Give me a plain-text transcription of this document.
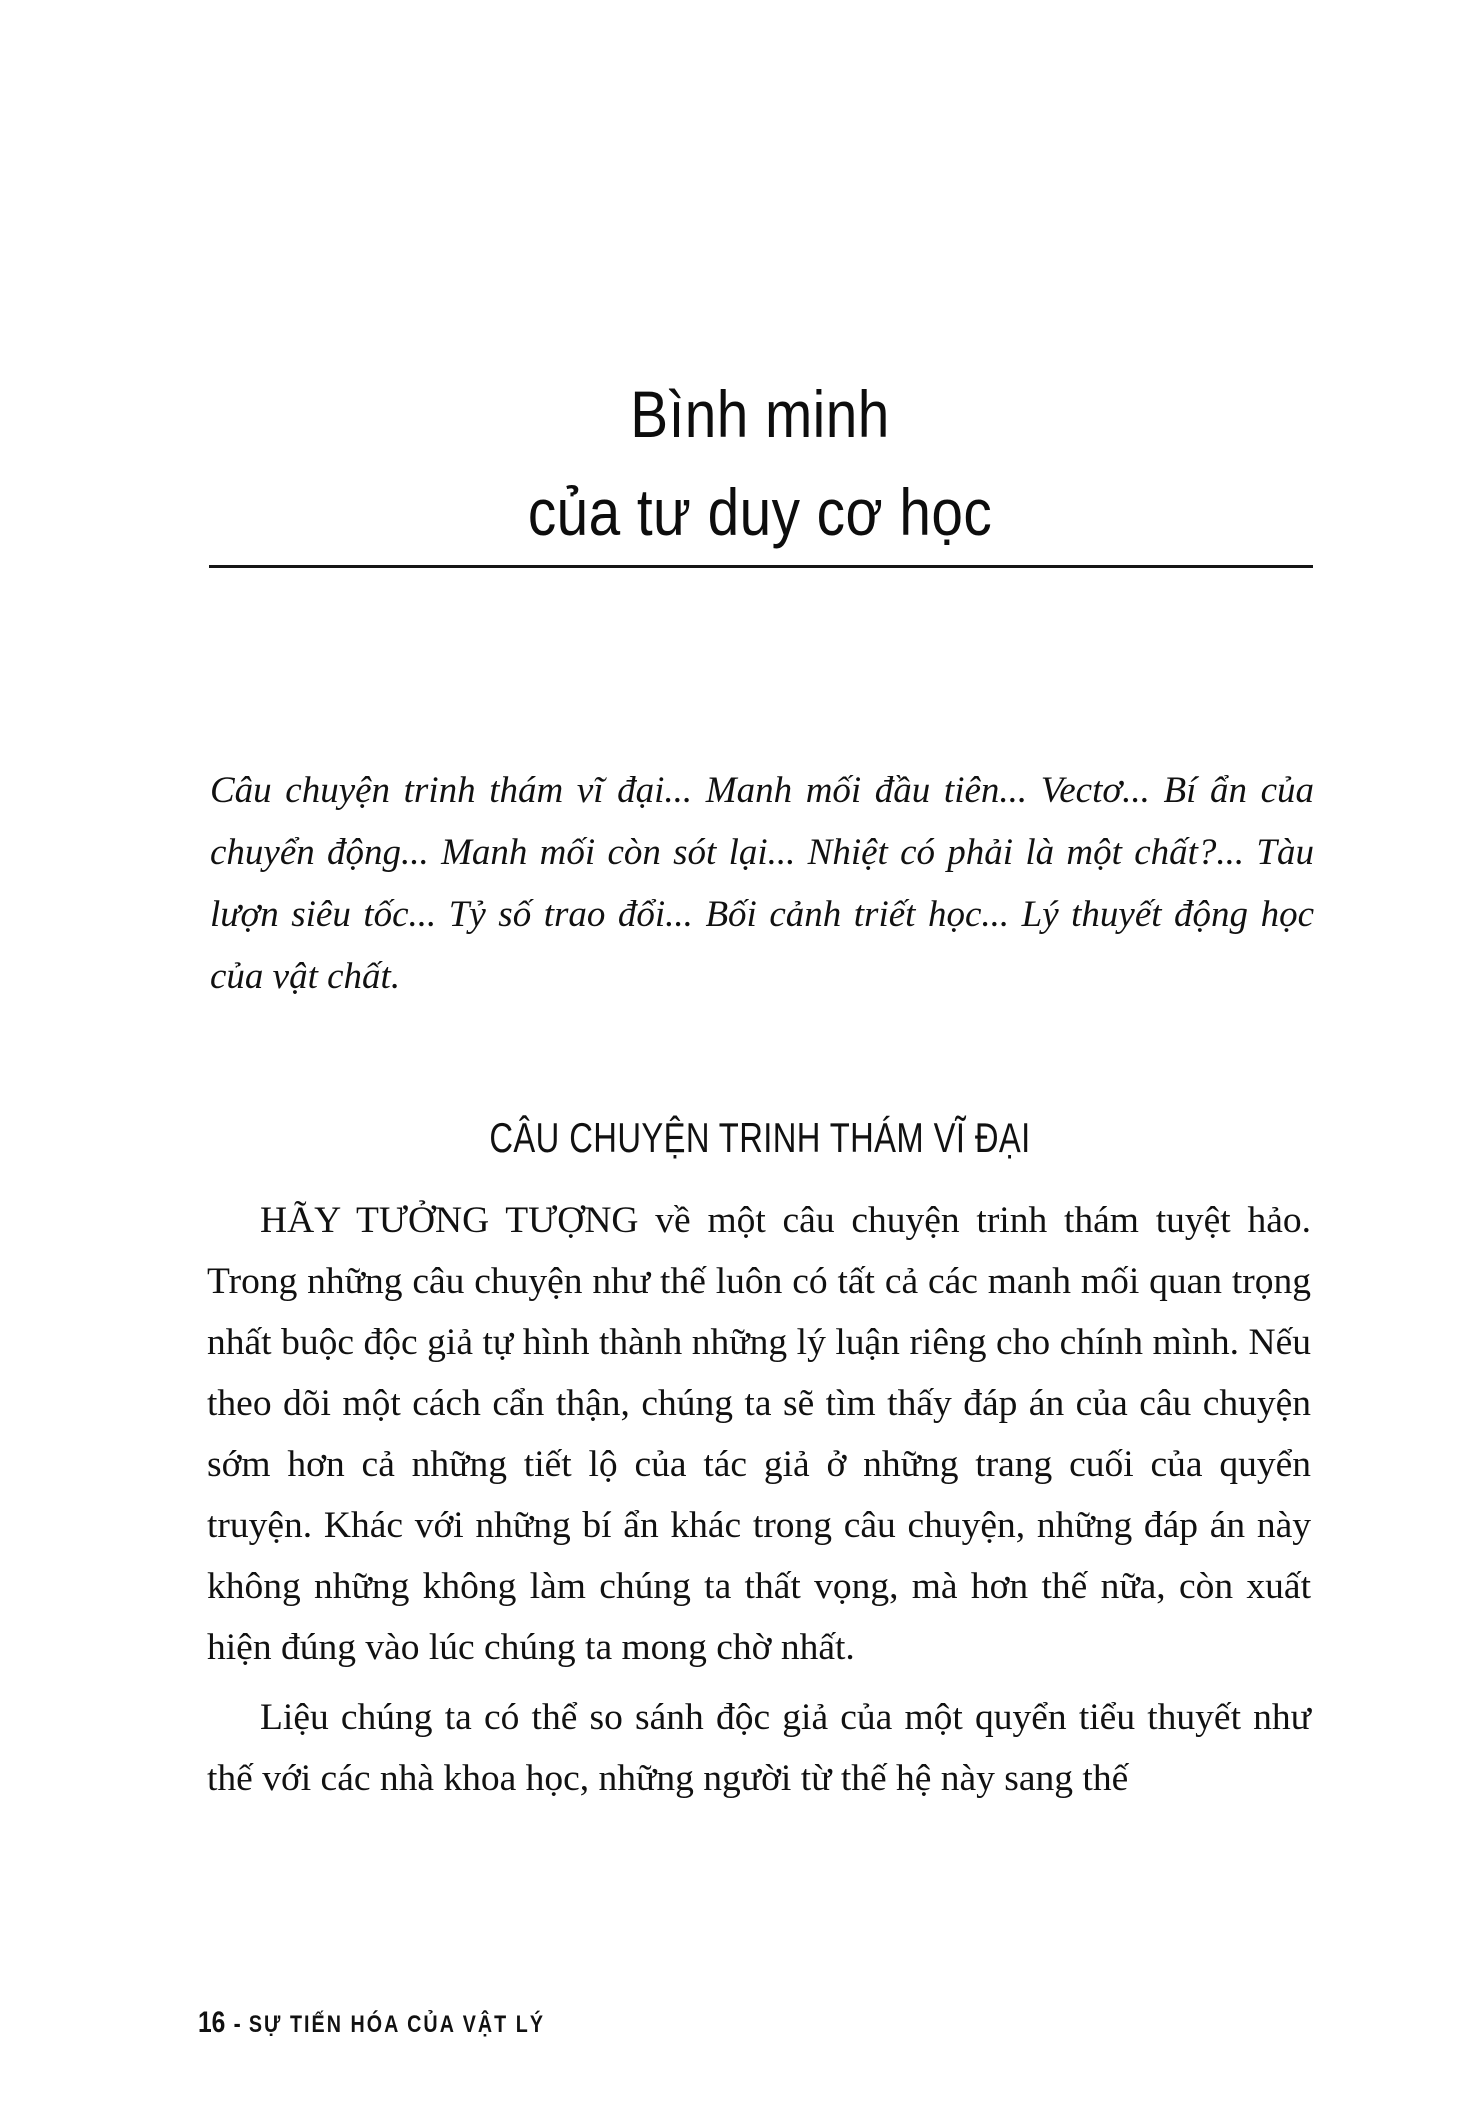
Bình minh
của tư duy cơ học

Câu chuyện trinh thám vĩ đại... Manh mối đầu tiên... Vectơ... Bí ẩn của chuyển động... Manh mối còn sót lại... Nhiệt có phải là một chất?... Tàu lượn siêu tốc... Tỷ số trao đổi... Bối cảnh triết học... Lý thuyết động học của vật chất.

CÂU CHUYỆN TRINH THÁM VĨ ĐẠI

HÃY TƯỞNG TƯỢNG về một câu chuyện trinh thám tuyệt hảo. Trong những câu chuyện như thế luôn có tất cả các manh mối quan trọng nhất buộc độc giả tự hình thành những lý luận riêng cho chính mình. Nếu theo dõi một cách cẩn thận, chúng ta sẽ tìm thấy đáp án của câu chuyện sớm hơn cả những tiết lộ của tác giả ở những trang cuối của quyển truyện. Khác với những bí ẩn khác trong câu chuyện, những đáp án này không những không làm chúng ta thất vọng, mà hơn thế nữa, còn xuất hiện đúng vào lúc chúng ta mong chờ nhất.

Liệu chúng ta có thể so sánh độc giả của một quyển tiểu thuyết như thế với các nhà khoa học, những người từ thế hệ này sang thế

16 - SỰ TIẾN HÓA CỦA VẬT LÝ
